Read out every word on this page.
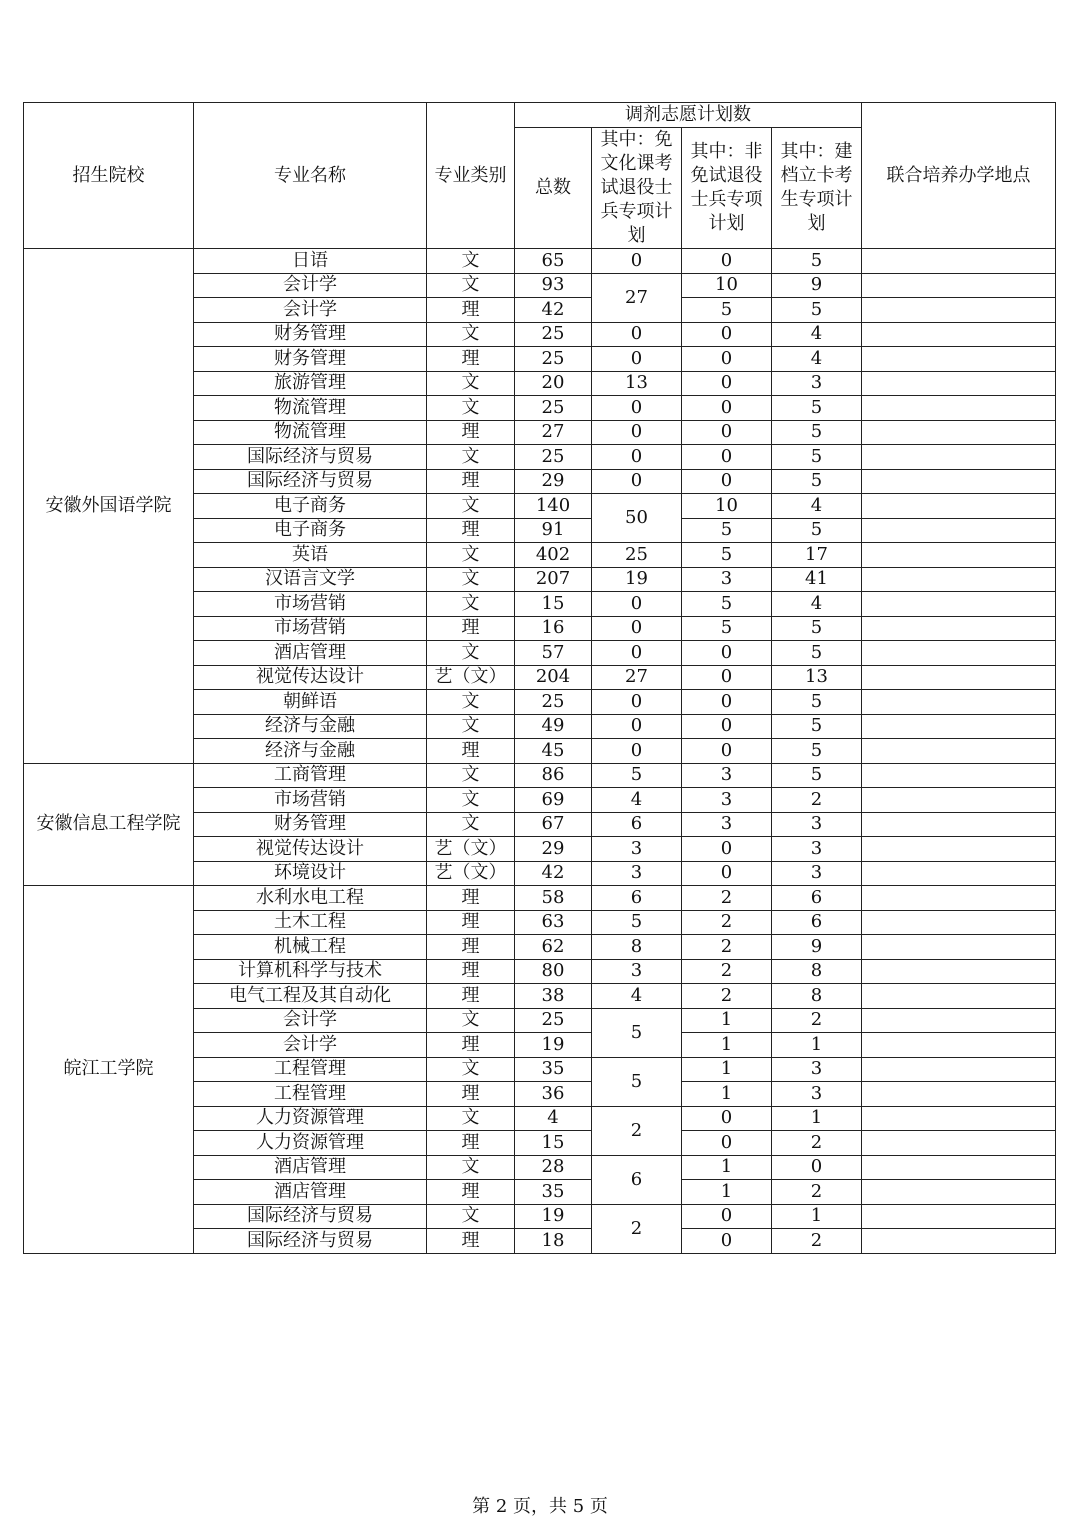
招生院校	专业名称	专业类别	调剂志愿计划数				联合培养办学地点
			总数	其中：免文化课考试退役士兵专项计划	其中：非免试退役士兵专项计划	其中：建档立卡考生专项计划	
安徽外国语学院	日语	文	65	0	0	5	
	会计学	文	93	27	10	9	
	会计学	理	42		5	5	
	财务管理	文	25	0	0	4	
	财务管理	理	25	0	0	4	
	旅游管理	文	20	13	0	3	
	物流管理	文	25	0	0	5	
	物流管理	理	27	0	0	5	
	国际经济与贸易	文	25	0	0	5	
	国际经济与贸易	理	29	0	0	5	
	电子商务	文	140	50	10	4	
	电子商务	理	91		5	5	
	英语	文	402	25	5	17	
	汉语言文学	文	207	19	3	41	
	市场营销	文	15	0	5	4	
	市场营销	理	16	0	5	5	
	酒店管理	文	57	0	0	5	
	视觉传达设计	艺（文）	204	27	0	13	
	朝鲜语	文	25	0	0	5	
	经济与金融	文	49	0	0	5	
	经济与金融	理	45	0	0	5	
安徽信息工程学院	工商管理	文	86	5	3	5	
	市场营销	文	69	4	3	2	
	财务管理	文	67	6	3	3	
	视觉传达设计	艺（文）	29	3	0	3	
	环境设计	艺（文）	42	3	0	3	
皖江工学院	水利水电工程	理	58	6	2	6	
	土木工程	理	63	5	2	6	
	机械工程	理	62	8	2	9	
	计算机科学与技术	理	80	3	2	8	
	电气工程及其自动化	理	38	4	2	8	
	会计学	文	25	5	1	2	
	会计学	理	19		1	1	
	工程管理	文	35	5	1	3	
	工程管理	理	36		1	3	
	人力资源管理	文	4	2	0	1	
	人力资源管理	理	15		0	2	
	酒店管理	文	28	6	1	0	
	酒店管理	理	35		1	2	
	国际经济与贸易	文	19	2	0	1	
	国际经济与贸易	理	18		0	2	
第 2 页，共 5 页
